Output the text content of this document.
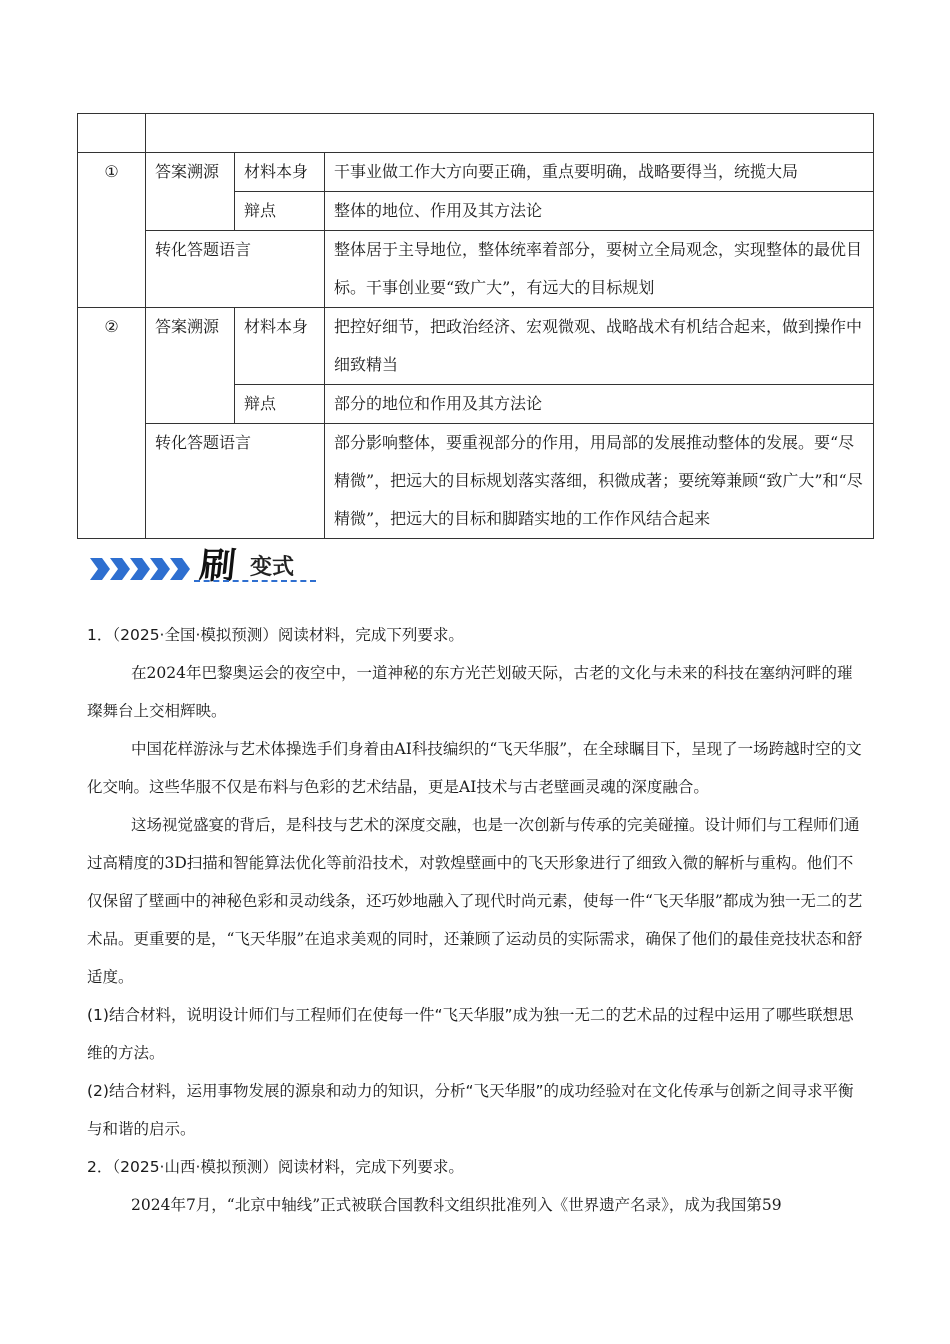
①	答案溯源	材料本身	干事业做工作大方向要正确，重点要明确，战略要得当，统揽大局
		辩点	整体的地位、作用及其方法论
	转化答题语言		整体居于主导地位，整体统率着部分，要树立全局观念，实现整体的最优目标。干事创业要“致广大”，有远大的目标规划
②	答案溯源	材料本身	把控好细节，把政治经济、宏观微观、战略战术有机结合起来，做到操作中细致精当
		辩点	部分的地位和作用及其方法论
	转化答题语言		部分影响整体，要重视部分的作用，用局部的发展推动整体的发展。要“尽精微”，把远大的目标规划落实落细，积微成著；要统筹兼顾“致广大”和“尽精微”，把远大的目标和脚踏实地的工作作风结合起来
刷 变式
1．（2025·全国·模拟预测）阅读材料，完成下列要求。
在2024年巴黎奥运会的夜空中，一道神秘的东方光芒划破天际，古老的文化与未来的科技在塞纳河畔的璀璨舞台上交相辉映。
中国花样游泳与艺术体操选手们身着由AI科技编织的“飞天华服”，在全球瞩目下，呈现了一场跨越时空的文化交响。这些华服不仅是布料与色彩的艺术结晶，更是AI技术与古老壁画灵魂的深度融合。
这场视觉盛宴的背后，是科技与艺术的深度交融，也是一次创新与传承的完美碰撞。设计师们与工程师们通过高精度的3D扫描和智能算法优化等前沿技术，对敦煌壁画中的飞天形象进行了细致入微的解析与重构。他们不仅保留了壁画中的神秘色彩和灵动线条，还巧妙地融入了现代时尚元素，使每一件“飞天华服”都成为独一无二的艺术品。更重要的是，“飞天华服”在追求美观的同时，还兼顾了运动员的实际需求，确保了他们的最佳竞技状态和舒适度。
(1)结合材料，说明设计师们与工程师们在使每一件“飞天华服”成为独一无二的艺术品的过程中运用了哪些联想思维的方法。
(2)结合材料，运用事物发展的源泉和动力的知识，分析“飞天华服”的成功经验对在文化传承与创新之间寻求平衡与和谐的启示。
2．（2025·山西·模拟预测）阅读材料，完成下列要求。
2024年7月，“北京中轴线”正式被联合国教科文组织批准列入《世界遗产名录》，成为我国第59
